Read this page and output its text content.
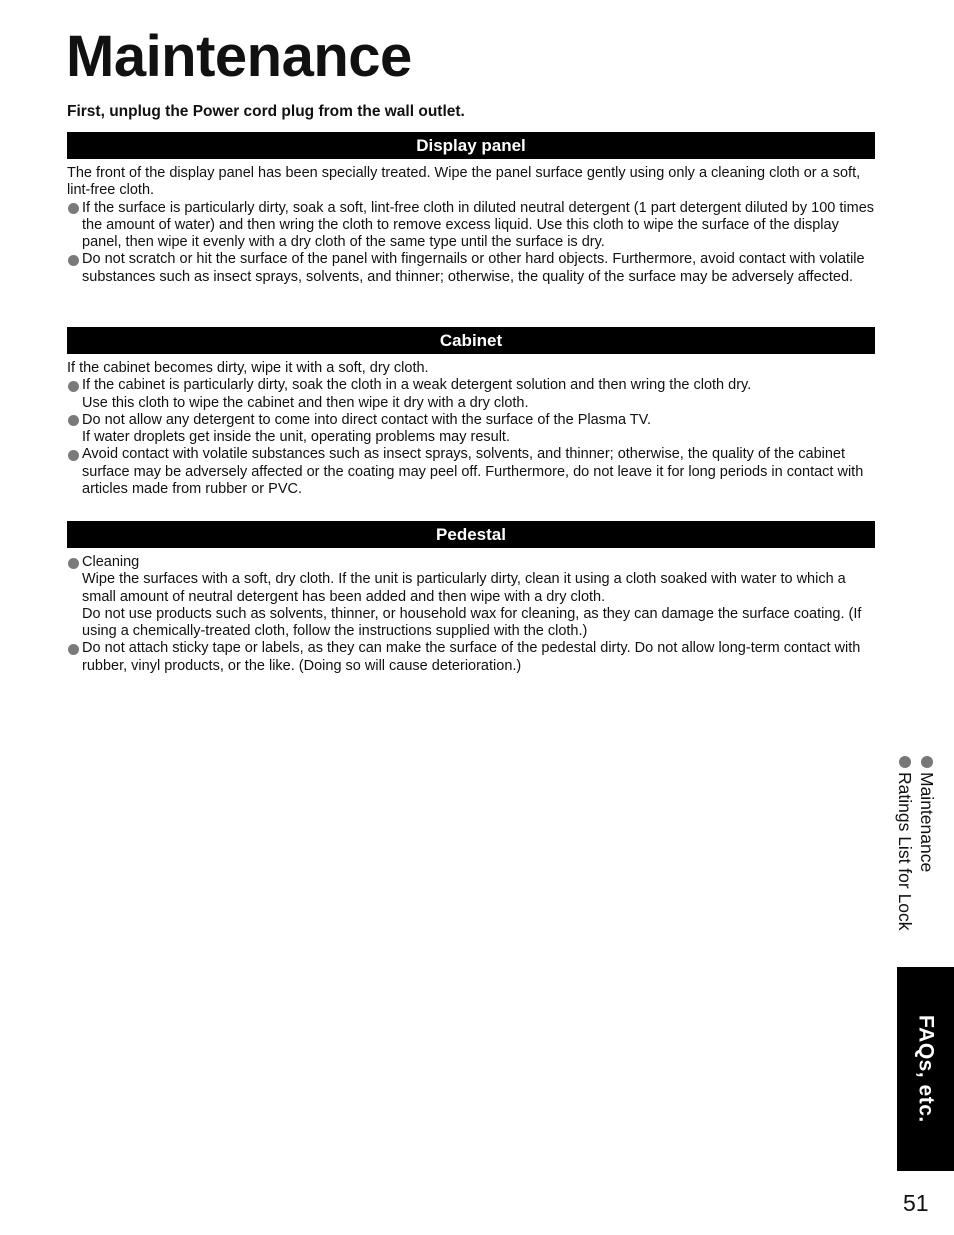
Maintenance

First, unplug the Power cord plug from the wall outlet.

Display panel

The front of the display panel has been specially treated. Wipe the panel surface gently using only a cleaning cloth or a soft, lint-free cloth.

If the surface is particularly dirty, soak a soft, lint-free cloth in diluted neutral detergent (1 part detergent diluted by 100 times the amount of water) and then wring the cloth to remove excess liquid. Use this cloth to wipe the surface of the display panel, then wipe it evenly with a dry cloth of the same type until the surface is dry.

Do not scratch or hit the surface of the panel with fingernails or other hard objects. Furthermore, avoid contact with volatile substances such as insect sprays, solvents, and thinner; otherwise, the quality of the surface may be adversely affected.

Cabinet

If the cabinet becomes dirty, wipe it with a soft, dry cloth.

If the cabinet is particularly dirty, soak the cloth in a weak detergent solution and then wring the cloth dry.

Use this cloth to wipe the cabinet and then wipe it dry with a dry cloth.

Do not allow any detergent to come into direct contact with the surface of the Plasma TV.

If water droplets get inside the unit, operating problems may result.

Avoid contact with volatile substances such as insect sprays, solvents, and thinner; otherwise, the quality of the cabinet surface may be adversely affected or the coating may peel off. Furthermore, do not leave it for long periods in contact with articles made from rubber or PVC.

Pedestal

Cleaning

Wipe the surfaces with a soft, dry cloth. If the unit is particularly dirty, clean it using a cloth soaked with water to which a small amount of neutral detergent has been added and then wipe with a dry cloth.

Do not use products such as solvents, thinner, or household wax for cleaning, as they can damage the surface coating. (If using a chemically-treated cloth, follow the instructions supplied with the cloth.)

Do not attach sticky tape or labels, as they can make the surface of the pedestal dirty. Do not allow long-term contact with rubber, vinyl products, or the like. (Doing so will cause deterioration.)

Maintenance
Ratings List for Lock
FAQs, etc.
51
